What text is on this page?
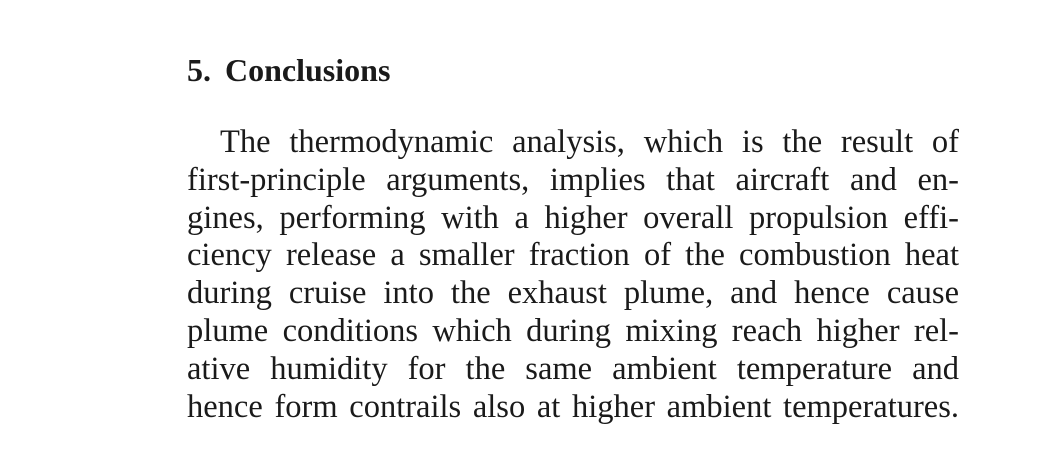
5. Conclusions
The thermodynamic analysis, which is the result of
first-principle arguments, implies that aircraft and en-
gines, performing with a higher overall propulsion effi-
ciency release a smaller fraction of the combustion heat
during cruise into the exhaust plume, and hence cause
plume conditions which during mixing reach higher rel-
ative humidity for the same ambient temperature and
hence form contrails also at higher ambient temperatures.
